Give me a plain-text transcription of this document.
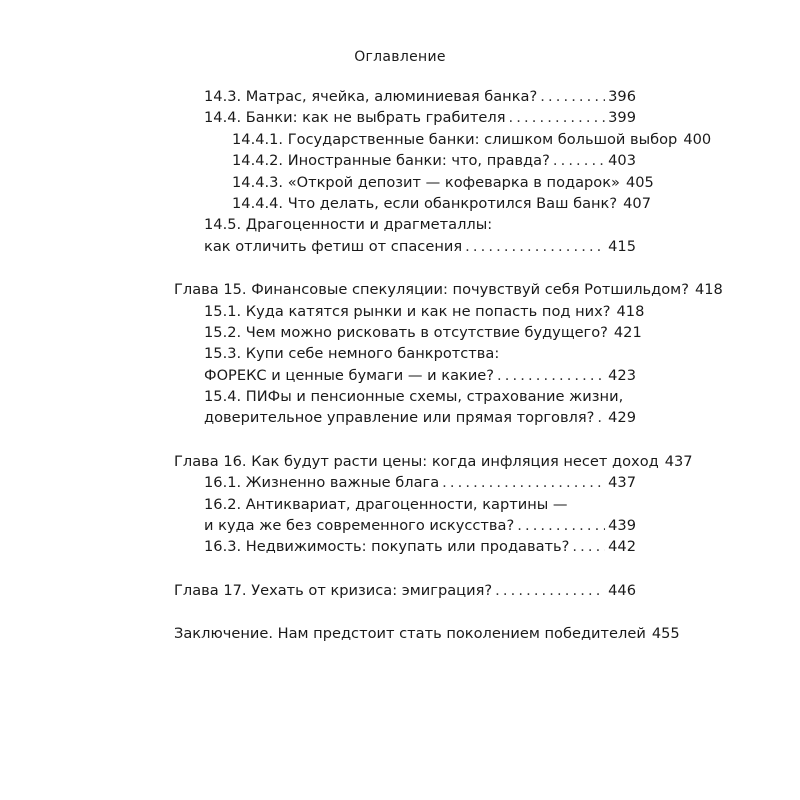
Оглавление
14.3. Матрас, ячейка, алюминиевая банка? .....	396
14.4. Банки: как не выбрать грабителя .....	399
14.4.1. Государственные банки: слишком большой выбор 400
14.4.2. Иностранные банки: что, правда? .....	403
14.4.3. «Открой депозит — кофеварка в подарок» 405
14.4.4. Что делать, если обанкротился Ваш банк? 407
14.5. Драгоценности и драгметаллы:
как отличить фетиш от спасения .....	415
Глава 15. Финансовые спекуляции: почувствуй себя Ротшильдом? 418
15.1. Куда катятся рынки и как не попасть под них? 418
15.2. Чем можно рисковать в отсутствие будущего? 421
15.3. Купи себе немного банкротства:
ФОРЕКС и ценные бумаги — и какие? .....	423
15.4. ПИФы и пенсионные схемы, страхование жизни,
доверительное управление или прямая торговля? ..... 429
Глава 16. Как будут расти цены: когда инфляция несет доход 437
16.1. Жизненно важные блага .....	437
16.2. Антиквариат, драгоценности, картины —
и куда же без современного искусства? .....	439
16.3. Недвижимость: покупать или продавать? .....	442
Глава 17. Уехать от кризиса: эмиграция? .....	446
Заключение. Нам предстоит стать поколением победителей 455
